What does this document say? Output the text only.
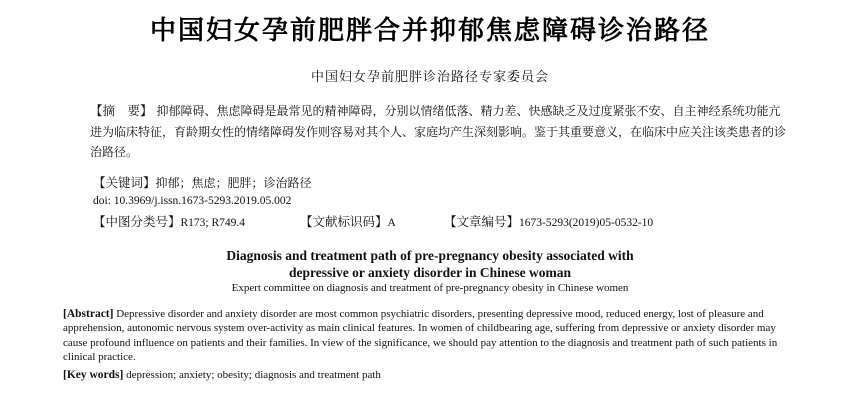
中国妇女孕前肥胖合并抑郁焦虑障碍诊治路径
中国妇女孕前肥胖诊治路径专家委员会
【摘　要】 抑郁障碍、焦虑障碍是最常见的精神障碍，分别以情绪低落、精力差、快感缺乏及过度紧张不安、自主神经系统功能亢进为临床特征，育龄期女性的情绪障碍发作则容易对其个人、家庭均产生深刻影响。鉴于其重要意义，在临床中应关注该类患者的诊治路径。
【关键词】抑郁；焦虑；肥胖；诊治路径
doi: 10.3969/j.issn.1673-5293.2019.05.002
【中图分类号】R173; R749.4	【文献标识码】A	【文章编号】1673-5293(2019)05-0532-10
Diagnosis and treatment path of pre-pregnancy obesity associated with
depressive or anxiety disorder in Chinese woman
Expert committee on diagnosis and treatment of pre-pregnancy obesity in Chinese women
[Abstract] Depressive disorder and anxiety disorder are most common psychiatric disorders, presenting depressive mood, reduced energy, lost of pleasure and apprehension, autonomic nervous system over-activity as main clinical features. In women of childbearing age, suffering from depressive or anxiety disorder may cause profound influence on patients and their families. In view of the significance, we should pay attention to the diagnosis and treatment path of such patients in clinical practice.
[Key words] depression; anxiety; obesity; diagnosis and treatment path
